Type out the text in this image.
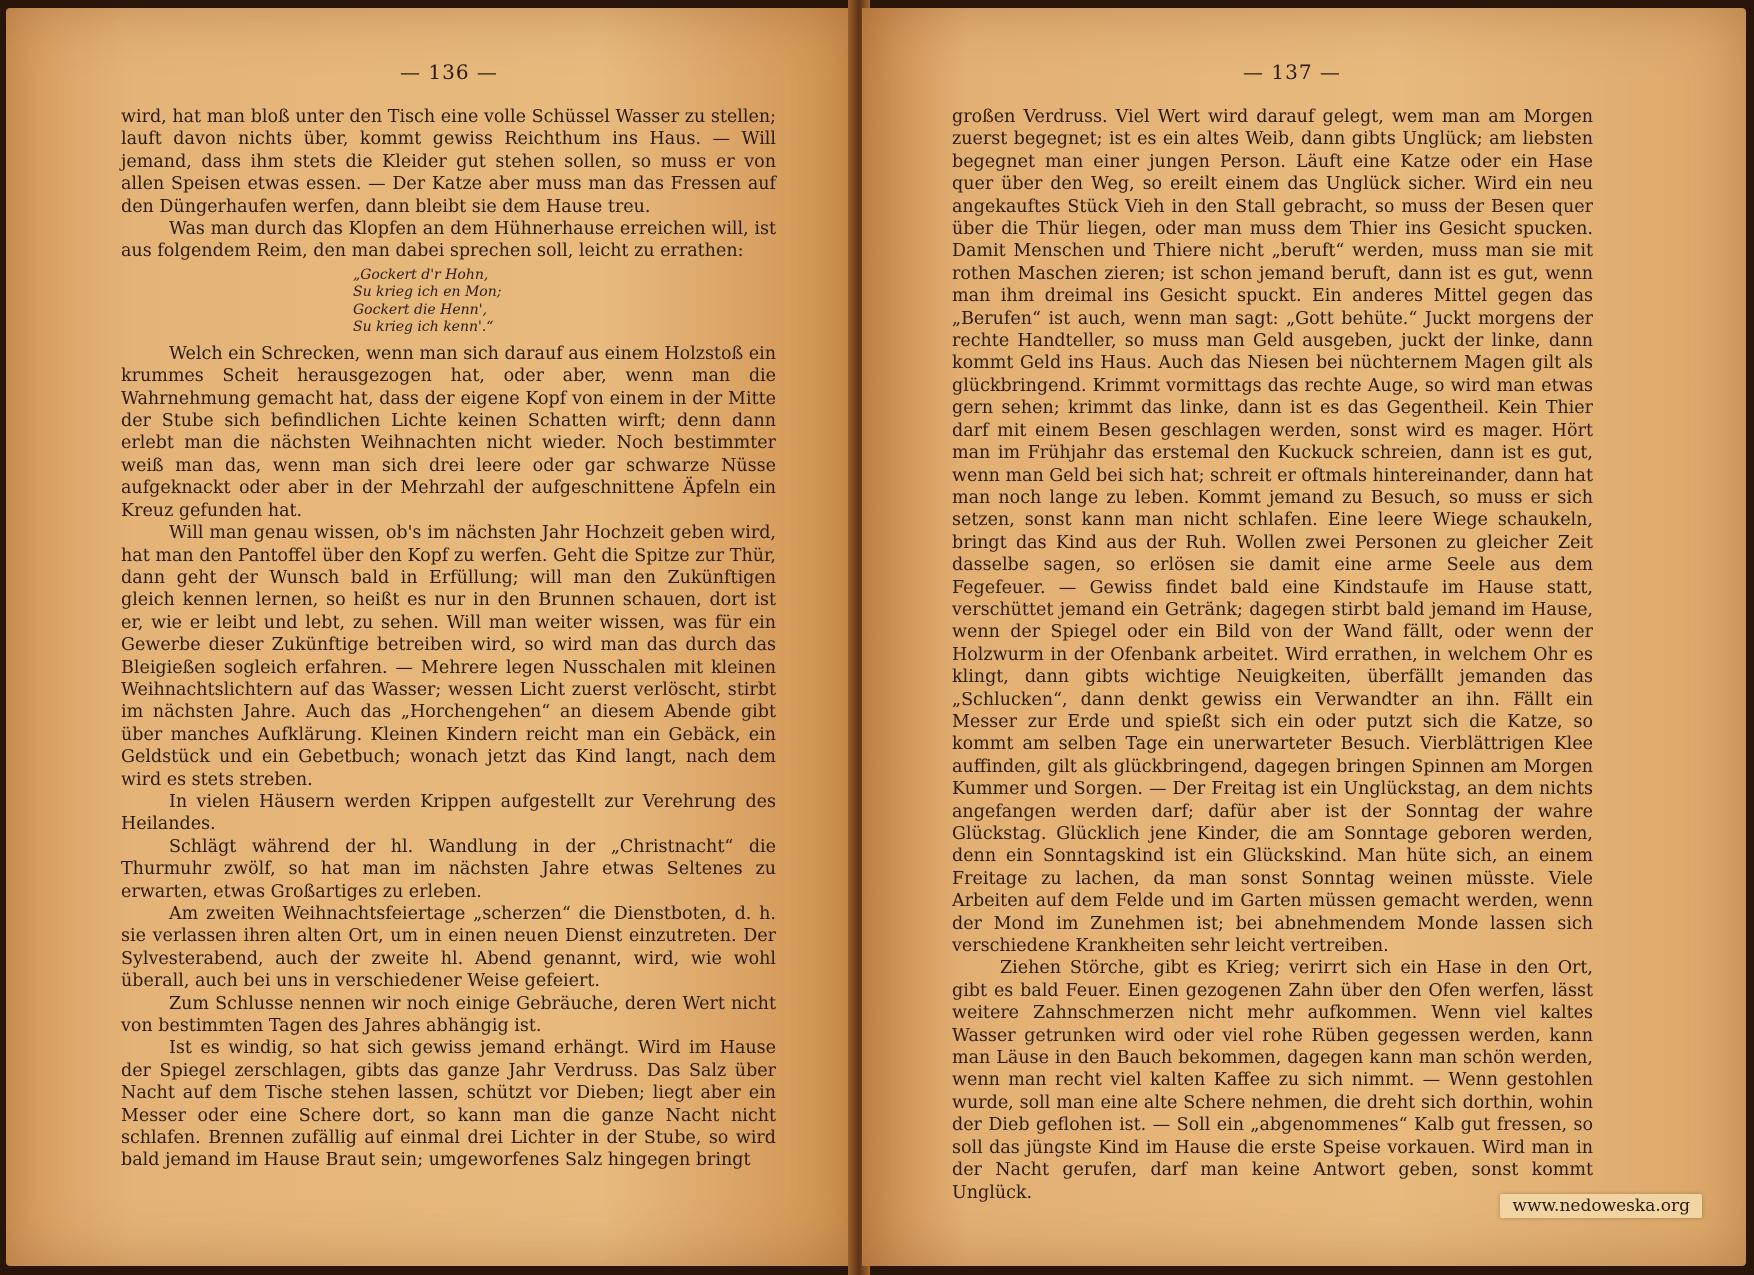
— 136 —

wird, hat man bloß unter den Tisch eine volle Schüssel Wasser zu stellen; lauft davon nichts über, kommt gewiss Reichthum ins Haus. — Will jemand, dass ihm stets die Kleider gut stehen sollen, so muss er von allen Speisen etwas essen. — Der Katze aber muss man das Fressen auf den Düngerhaufen werfen, dann bleibt sie dem Hause treu.

Was man durch das Klopfen an dem Hühnerhause erreichen will, ist aus folgendem Reim, den man dabei sprechen soll, leicht zu errathen:

„Gockert d'r Hohn,
Su krieg ich en Mon;
Gockert die Henn',
Su krieg ich kenn'.“

Welch ein Schrecken, wenn man sich darauf aus einem Holzstoß ein krummes Scheit herausgezogen hat, oder aber, wenn man die Wahrnehmung gemacht hat, dass der eigene Kopf von einem in der Mitte der Stube sich befindlichen Lichte keinen Schatten wirft; denn dann erlebt man die nächsten Weihnachten nicht wieder. Noch bestimmter weiß man das, wenn man sich drei leere oder gar schwarze Nüsse aufgeknackt oder aber in der Mehrzahl der aufgeschnittene Äpfeln ein Kreuz gefunden hat.

Will man genau wissen, ob's im nächsten Jahr Hochzeit geben wird, hat man den Pantoffel über den Kopf zu werfen. Geht die Spitze zur Thür, dann geht der Wunsch bald in Erfüllung; will man den Zukünftigen gleich kennen lernen, so heißt es nur in den Brunnen schauen, dort ist er, wie er leibt und lebt, zu sehen. Will man weiter wissen, was für ein Gewerbe dieser Zukünftige betreiben wird, so wird man das durch das Bleigießen sogleich erfahren. — Mehrere legen Nusschalen mit kleinen Weihnachtslichtern auf das Wasser; wessen Licht zuerst verlöscht, stirbt im nächsten Jahre. Auch das „Horchengehen“ an diesem Abende gibt über manches Aufklärung. Kleinen Kindern reicht man ein Gebäck, ein Geldstück und ein Gebetbuch; wonach jetzt das Kind langt, nach dem wird es stets streben.

In vielen Häusern werden Krippen aufgestellt zur Verehrung des Heilandes.

Schlägt während der hl. Wandlung in der „Christnacht“ die Thurmuhr zwölf, so hat man im nächsten Jahre etwas Seltenes zu erwarten, etwas Großartiges zu erleben.

Am zweiten Weihnachtsfeiertage „scherzen“ die Dienstboten, d. h. sie verlassen ihren alten Ort, um in einen neuen Dienst einzutreten. Der Sylvesterabend, auch der zweite hl. Abend genannt, wird, wie wohl überall, auch bei uns in verschiedener Weise gefeiert.

Zum Schlusse nennen wir noch einige Gebräuche, deren Wert nicht von bestimmten Tagen des Jahres abhängig ist.

Ist es windig, so hat sich gewiss jemand erhängt. Wird im Hause der Spiegel zerschlagen, gibts das ganze Jahr Verdruss. Das Salz über Nacht auf dem Tische stehen lassen, schützt vor Dieben; liegt aber ein Messer oder eine Schere dort, so kann man die ganze Nacht nicht schlafen. Brennen zufällig auf einmal drei Lichter in der Stube, so wird bald jemand im Hause Braut sein; umgeworfenes Salz hingegen bringt

— 137 —

großen Verdruss. Viel Wert wird darauf gelegt, wem man am Morgen zuerst begegnet; ist es ein altes Weib, dann gibts Unglück; am liebsten begegnet man einer jungen Person. Läuft eine Katze oder ein Hase quer über den Weg, so ereilt einem das Unglück sicher. Wird ein neu angekauftes Stück Vieh in den Stall gebracht, so muss der Besen quer über die Thür liegen, oder man muss dem Thier ins Gesicht spucken. Damit Menschen und Thiere nicht „beruft“ werden, muss man sie mit rothen Maschen zieren; ist schon jemand beruft, dann ist es gut, wenn man ihm dreimal ins Gesicht spuckt. Ein anderes Mittel gegen das „Berufen“ ist auch, wenn man sagt: „Gott behüte.“ Juckt morgens der rechte Handteller, so muss man Geld ausgeben, juckt der linke, dann kommt Geld ins Haus. Auch das Niesen bei nüchternem Magen gilt als glückbringend. Krimmt vormittags das rechte Auge, so wird man etwas gern sehen; krimmt das linke, dann ist es das Gegentheil. Kein Thier darf mit einem Besen geschlagen werden, sonst wird es mager. Hört man im Frühjahr das erstemal den Kuckuck schreien, dann ist es gut, wenn man Geld bei sich hat; schreit er oftmals hintereinander, dann hat man noch lange zu leben. Kommt jemand zu Besuch, so muss er sich setzen, sonst kann man nicht schlafen. Eine leere Wiege schaukeln, bringt das Kind aus der Ruh. Wollen zwei Personen zu gleicher Zeit dasselbe sagen, so erlösen sie damit eine arme Seele aus dem Fegefeuer. — Gewiss findet bald eine Kindstaufe im Hause statt, verschüttet jemand ein Getränk; dagegen stirbt bald jemand im Hause, wenn der Spiegel oder ein Bild von der Wand fällt, oder wenn der Holzwurm in der Ofenbank arbeitet. Wird errathen, in welchem Ohr es klingt, dann gibts wichtige Neuigkeiten, überfällt jemanden das „Schlucken“, dann denkt gewiss ein Verwandter an ihn. Fällt ein Messer zur Erde und spießt sich ein oder putzt sich die Katze, so kommt am selben Tage ein unerwarteter Besuch. Vierblättrigen Klee auffinden, gilt als glückbringend, dagegen bringen Spinnen am Morgen Kummer und Sorgen. — Der Freitag ist ein Unglückstag, an dem nichts angefangen werden darf; dafür aber ist der Sonntag der wahre Glückstag. Glücklich jene Kinder, die am Sonntage geboren werden, denn ein Sonntagskind ist ein Glückskind. Man hüte sich, an einem Freitage zu lachen, da man sonst Sonntag weinen müsste. Viele Arbeiten auf dem Felde und im Garten müssen gemacht werden, wenn der Mond im Zunehmen ist; bei abnehmendem Monde lassen sich verschiedene Krankheiten sehr leicht vertreiben.

Ziehen Störche, gibt es Krieg; verirrt sich ein Hase in den Ort, gibt es bald Feuer. Einen gezogenen Zahn über den Ofen werfen, lässt weitere Zahnschmerzen nicht mehr aufkommen. Wenn viel kaltes Wasser getrunken wird oder viel rohe Rüben gegessen werden, kann man Läuse in den Bauch bekommen, dagegen kann man schön werden, wenn man recht viel kalten Kaffee zu sich nimmt. — Wenn gestohlen wurde, soll man eine alte Schere nehmen, die dreht sich dorthin, wohin der Dieb geflohen ist. — Soll ein „abgenommenes“ Kalb gut fressen, so soll das jüngste Kind im Hause die erste Speise vorkauen. Wird man in der Nacht gerufen, darf man keine Antwort geben, sonst kommt Unglück.

www.nedoweska.org
